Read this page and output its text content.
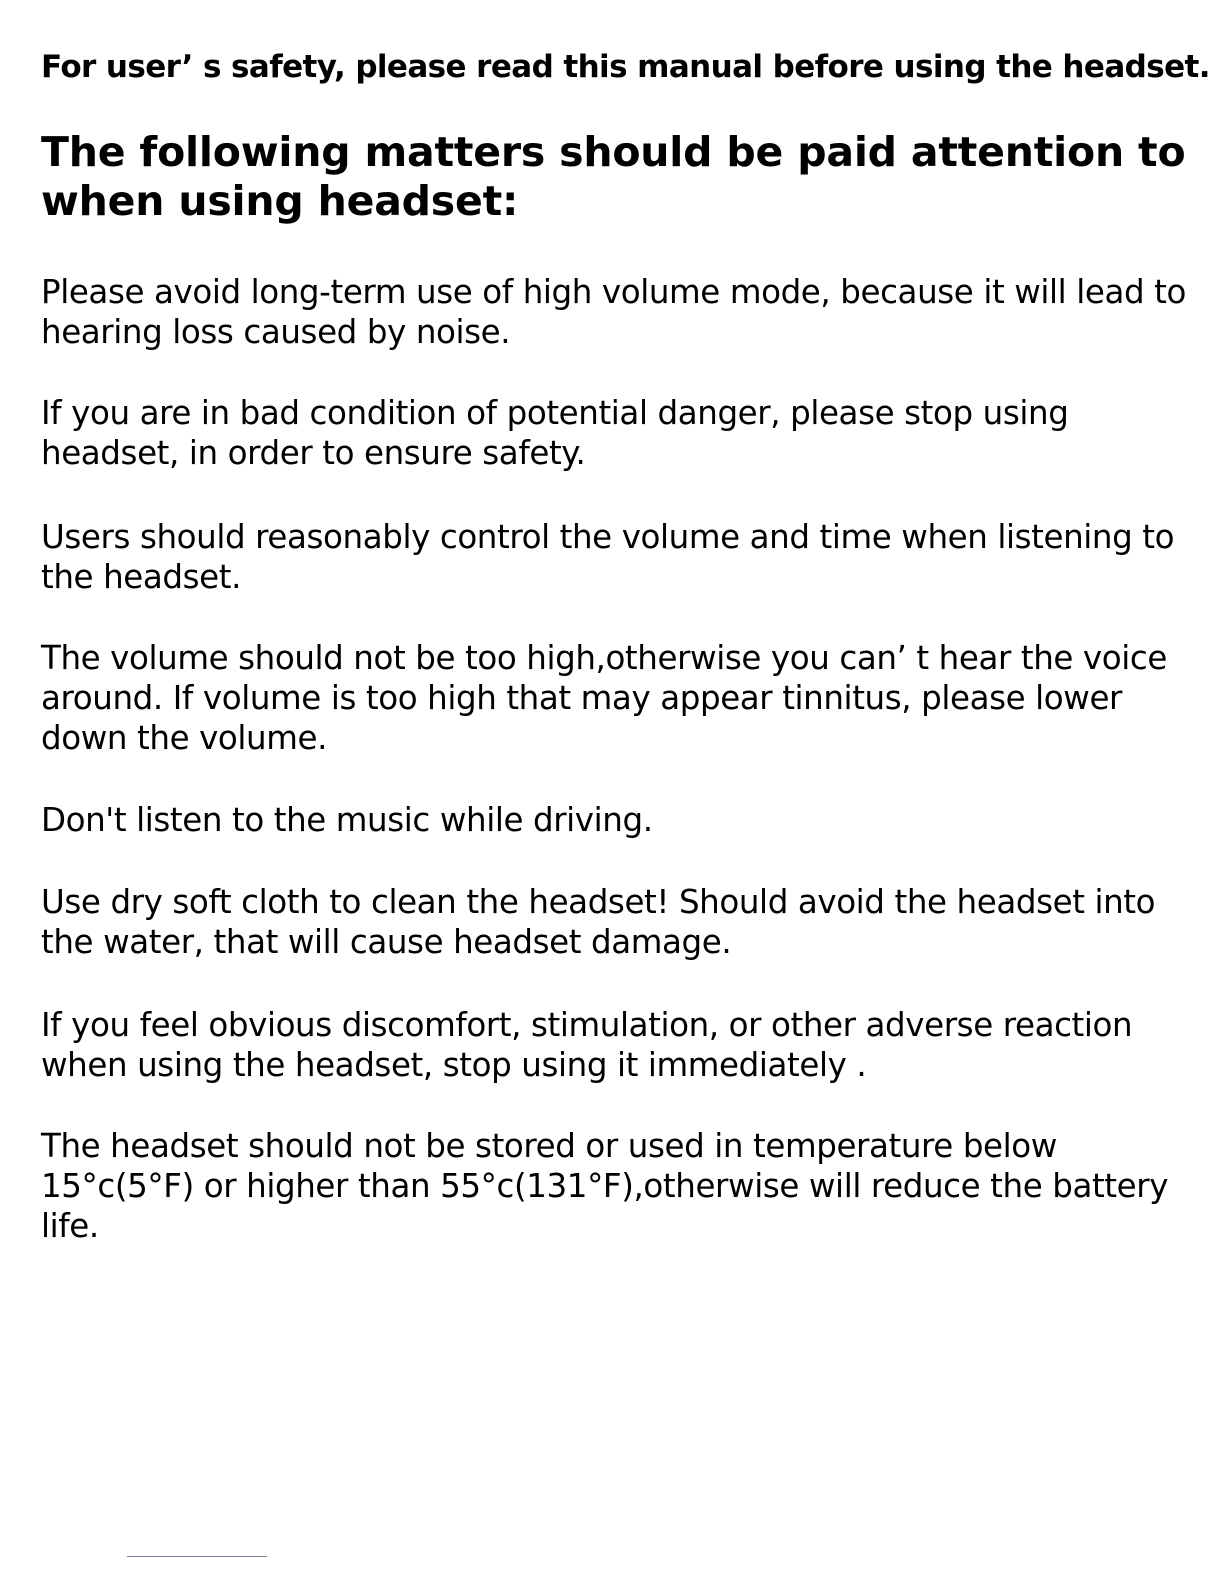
For user’ s safety, please read this manual before using the headset.

The following matters should be paid attention to when using headset:

Please avoid long-term use of high volume mode, because it will lead to hearing loss caused by noise.

If you are in bad condition of potential danger, please stop using headset, in order to ensure safety.

Users should reasonably control the volume and time when listening to the headset.

The volume should not be too high,otherwise you can’ t hear the voice around. If volume is too high that may appear tinnitus, please lower down the volume.

Don't listen to the music while driving.

Use dry soft cloth to clean the headset! Should avoid the headset into the water, that will cause headset damage.

If you feel obvious discomfort, stimulation, or other adverse reaction when using the headset, stop using it immediately .

The headset should not be stored or used in temperature below 15°c(5°F) or higher than 55°c(131°F),otherwise will reduce the battery life.
